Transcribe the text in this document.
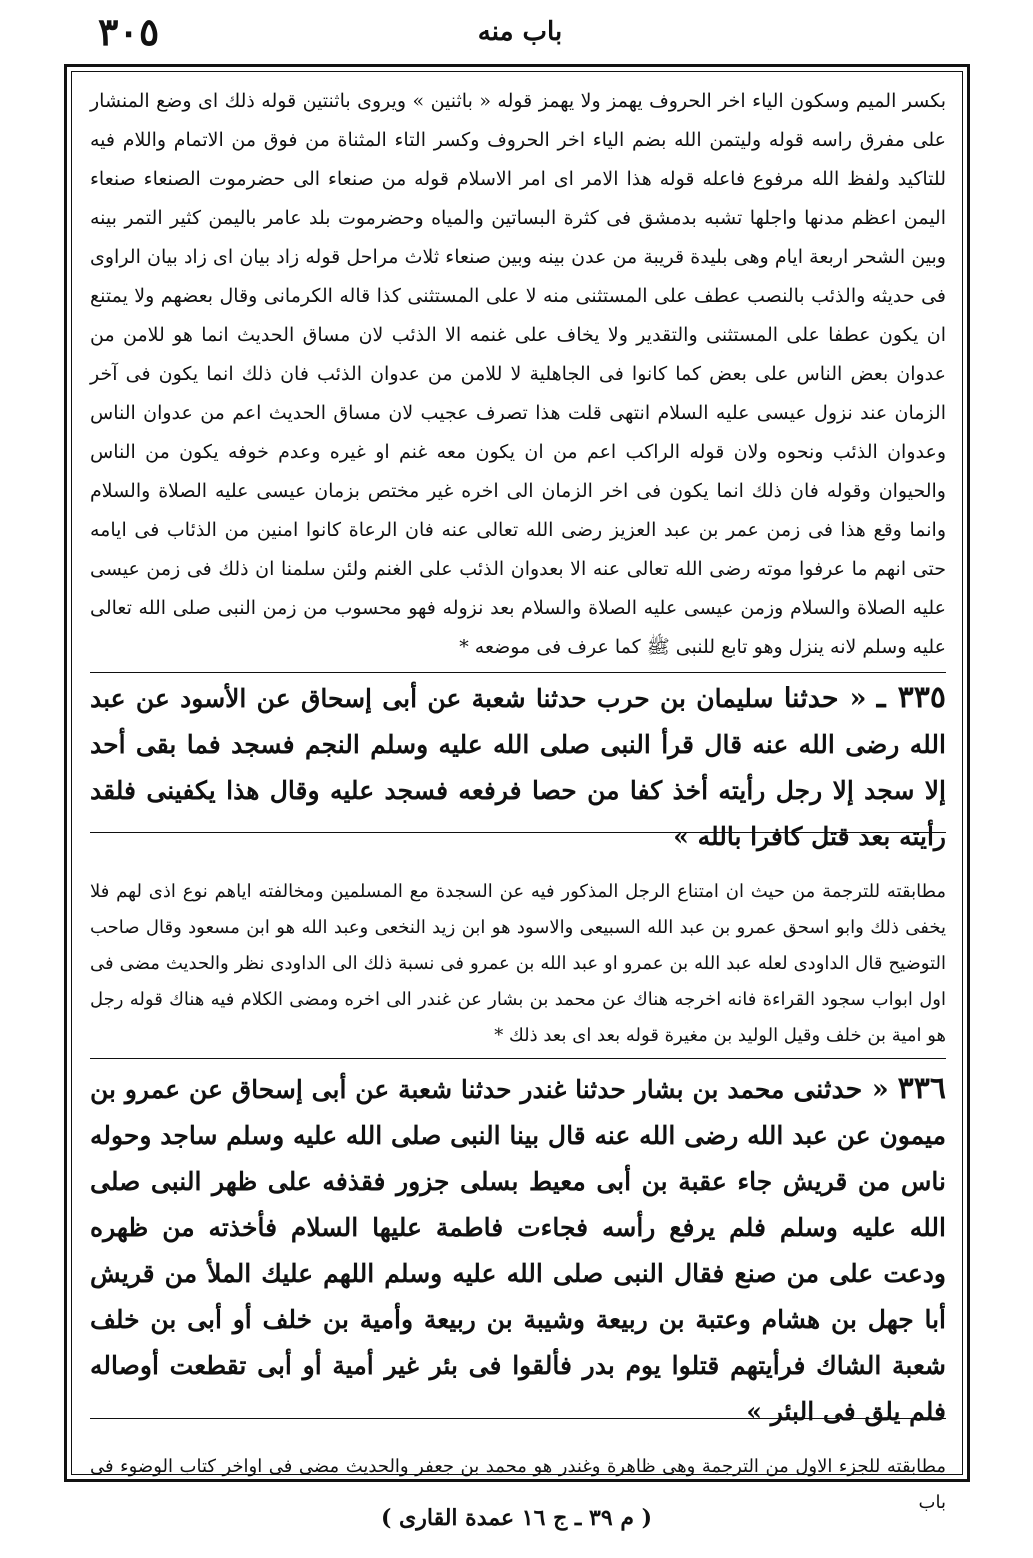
٣٠٥	باب منه

بكسر الميم وسكون الياء اخر الحروف يهمز ولا يهمز قوله « باثنين » ويروى باثنتين قوله ذلك اى وضع المنشار على مفرق راسه قوله وليتمن الله بضم الياء اخر الحروف وكسر التاء المثناة من فوق من الاتمام واللام فيه للتاكيد ولفظ الله مرفوع فاعله قوله هذا الامر اى امر الاسلام قوله من صنعاء الى حضرموت الصنعاء صنعاء اليمن اعظم مدنها واجلها تشبه بدمشق فى كثرة البساتين والمياه وحضرموت بلد عامر باليمن كثير التمر بينه وبين الشحر اربعة ايام وهى بليدة قريبة من عدن بينه وبين صنعاء ثلاث مراحل قوله زاد بيان اى زاد بيان الراوى فى حديثه والذئب بالنصب عطف على المستثنى منه لا على المستثنى كذا قاله الكرمانى وقال بعضهم ولا يمتنع ان يكون عطفا على المستثنى والتقدير ولا يخاف على غنمه الا الذئب لان مساق الحديث انما هو للامن من عدوان بعض الناس على بعض كما كانوا فى الجاهلية لا للامن من عدوان الذئب فان ذلك انما يكون فى آخر الزمان عند نزول عيسى عليه السلام انتهى قلت هذا تصرف عجيب لان مساق الحديث اعم من عدوان الناس وعدوان الذئب ونحوه ولان قوله الراكب اعم من ان يكون معه غنم او غيره وعدم خوفه يكون من الناس والحيوان وقوله فان ذلك انما يكون فى اخر الزمان الى اخره غير مختص بزمان عيسى عليه الصلاة والسلام وانما وقع هذا فى زمن عمر بن عبد العزيز رضى الله تعالى عنه فان الرعاة كانوا امنين من الذئاب فى ايامه حتى انهم ما عرفوا موته رضى الله تعالى عنه الا بعدوان الذئب على الغنم ولئن سلمنا ان ذلك فى زمن عيسى عليه الصلاة والسلام وزمن عيسى عليه الصلاة والسلام بعد نزوله فهو محسوب من زمن النبى صلى الله تعالى عليه وسلم لانه ينزل وهو تابع للنبى ﷺ كما عرف فى موضعه *

٣٣٥ ـ « حدثنا سليمان بن حرب حدثنا شعبة عن أبى إسحاق عن الأسود عن عبد الله رضى الله عنه قال قرأ النبى صلى الله عليه وسلم النجم فسجد فما بقى أحد إلا سجد إلا رجل رأيته أخذ كفا من حصا فرفعه فسجد عليه وقال هذا يكفينى فلقد رأيته بعد قتل كافرا بالله »

مطابقته للترجمة من حيث ان امتناع الرجل المذكور فيه عن السجدة مع المسلمين ومخالفته اياهم نوع اذى لهم فلا يخفى ذلك وابو اسحق عمرو بن عبد الله السبيعى والاسود هو ابن زيد النخعى وعبد الله هو ابن مسعود وقال صاحب التوضيح قال الداودى لعله عبد الله بن عمرو او عبد الله بن عمرو فى نسبة ذلك الى الداودى نظر والحديث مضى فى اول ابواب سجود القراءة فانه اخرجه هناك عن محمد بن بشار عن غندر الى اخره ومضى الكلام فيه هناك قوله رجل هو امية بن خلف وقيل الوليد بن مغيرة قوله بعد اى بعد ذلك *

٣٣٦ « حدثنى محمد بن بشار حدثنا غندر حدثنا شعبة عن أبى إسحاق عن عمرو بن ميمون عن عبد الله رضى الله عنه قال بينا النبى صلى الله عليه وسلم ساجد وحوله ناس من قريش جاء عقبة بن أبى معيط بسلى جزور فقذفه على ظهر النبى صلى الله عليه وسلم فلم يرفع رأسه فجاءت فاطمة عليها السلام فأخذته من ظهره ودعت على من صنع فقال النبى صلى الله عليه وسلم اللهم عليك الملأ من قريش أبا جهل بن هشام وعتبة بن ربيعة وشيبة بن ربيعة وأمية بن خلف أو أبى بن خلف شعبة الشاك فرأيتهم قتلوا يوم بدر فألقوا فى بئر غير أمية أو أبى تقطعت أوصاله فلم يلق فى البئر »

مطابقته للجزء الاول من الترجمة وهى ظاهرة وغندر هو محمد بن جعفر والحديث مضى فى اواخر كتاب الوضوء فى باب

( م ٣٩ ـ ج ١٦ عمدة القارى )
